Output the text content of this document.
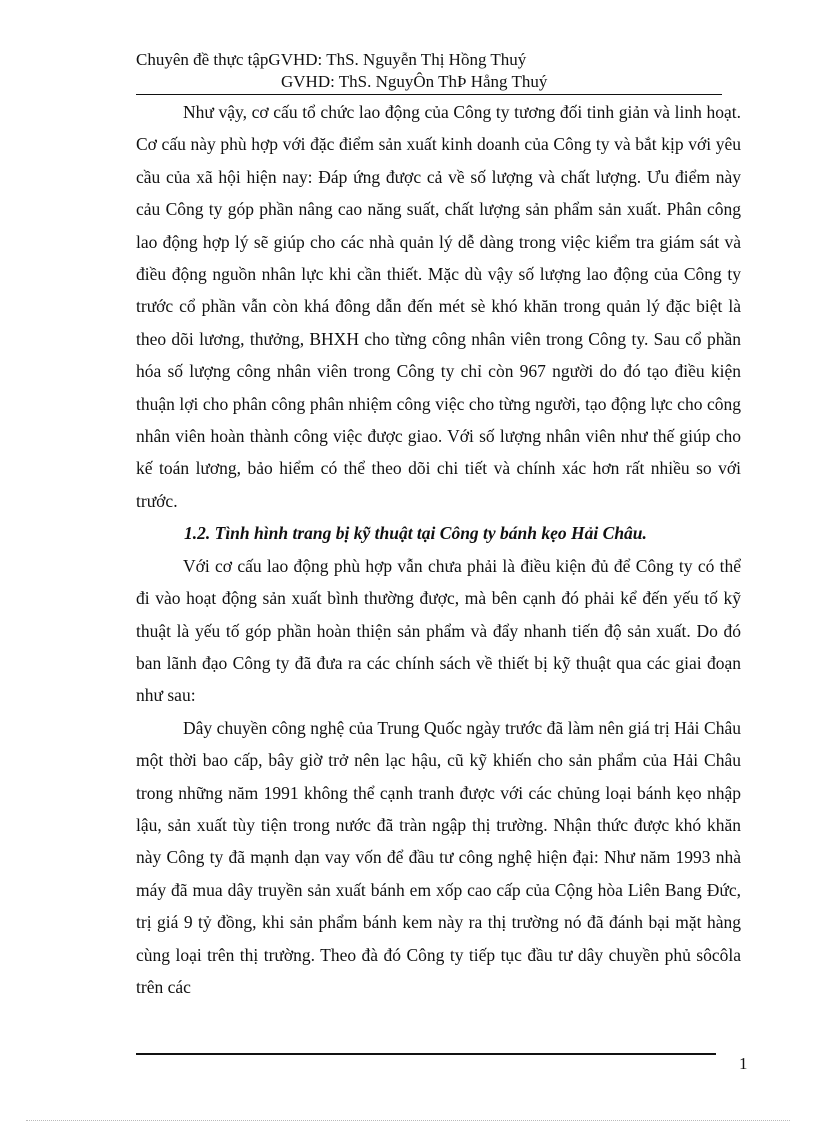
Chuyên đề thực tậpGVHD: ThS. Nguyễn Thị Hồng Thuý
GVHD: ThS. NguyÔn ThÞ Hång Thuý

Như vậy, cơ cấu tổ chức lao động của Công ty tương đối tinh giản và linh hoạt. Cơ cấu này phù hợp với đặc điểm sản xuất kinh doanh của Công ty và bắt kịp với yêu cầu của xã hội hiện nay: Đáp ứng được cả về số lượng và chất lượng. Ưu điểm này cảu Công ty góp phần nâng cao năng suất, chất lượng sản phẩm sản xuất. Phân công lao động hợp lý sẽ giúp cho các nhà quản lý dễ dàng trong việc kiểm tra giám sát và điều động nguồn nhân lực khi cần thiết. Mặc dù vậy số lượng lao động của Công ty trước cổ phần vẫn còn khá đông dẫn đến mét sè khó khăn trong quản lý đặc biệt là theo dõi lương, thưởng, BHXH cho từng công nhân viên trong Công ty. Sau cổ phần hóa số lượng công nhân viên trong Công ty chỉ còn 967 người do đó tạo điều kiện thuận lợi cho phân công phân nhiệm công việc cho từng người, tạo động lực cho công nhân viên hoàn thành công việc được giao. Với số lượng nhân viên như thế giúp cho kế toán lương, bảo hiểm có thể theo dõi chi tiết và chính xác hơn rất nhiều so với trước.

1.2. Tình hình trang bị kỹ thuật tại Công ty bánh kẹo Hải Châu.

Với cơ cấu lao động phù hợp vẫn chưa phải là điều kiện đủ để Công ty có thể đi vào hoạt động sản xuất bình thường được, mà bên cạnh đó phải kể đến yếu tố kỹ thuật là yếu tố góp phần hoàn thiện sản phẩm và đẩy nhanh tiến độ sản xuất. Do đó ban lãnh đạo Công ty đã đưa ra các chính sách về thiết bị kỹ thuật qua các giai đoạn như sau:

Dây chuyền công nghệ của Trung Quốc ngày trước đã làm nên giá trị Hải Châu một thời bao cấp, bây giờ trở nên lạc hậu, cũ kỹ khiến cho sản phẩm của Hải Châu trong những năm 1991 không thể cạnh tranh được với các chủng loại bánh kẹo nhập lậu, sản xuất tùy tiện trong nước đã tràn ngập thị trường. Nhận thức được khó khăn này Công ty đã mạnh dạn vay vốn để đầu tư công nghệ hiện đại: Như năm 1993 nhà máy đã mua dây truyền sản xuất bánh em xốp cao cấp của Cộng hòa Liên Bang Đức, trị giá 9 tỷ đồng, khi sản phẩm bánh kem này ra thị trường nó đã đánh bại mặt hàng cùng loại trên thị trường. Theo đà đó Công ty tiếp tục đầu tư dây chuyền phủ sôcôla trên các

1
